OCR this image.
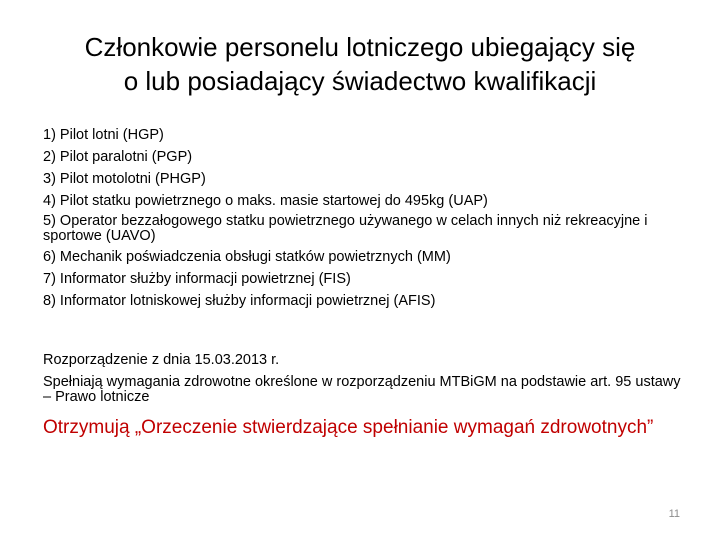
Członkowie personelu lotniczego ubiegający się
o lub posiadający świadectwo kwalifikacji
1) Pilot lotni (HGP)
2) Pilot paralotni (PGP)
3) Pilot motolotni (PHGP)
4) Pilot statku powietrznego o maks. masie startowej do 495kg (UAP)
5) Operator bezzałogowego statku powietrznego używanego w celach innych niż rekreacyjne i sportowe (UAVO)
6) Mechanik poświadczenia obsługi statków powietrznych (MM)
7) Informator służby informacji powietrznej (FIS)
8) Informator lotniskowej służby informacji powietrznej (AFIS)
Rozporządzenie z dnia 15.03.2013 r.
Spełniają wymagania zdrowotne określone w rozporządzeniu MTBiGM na podstawie art. 95 ustawy – Prawo lotnicze
Otrzymują „Orzeczenie stwierdzające spełnianie wymagań zdrowotnych”
11
